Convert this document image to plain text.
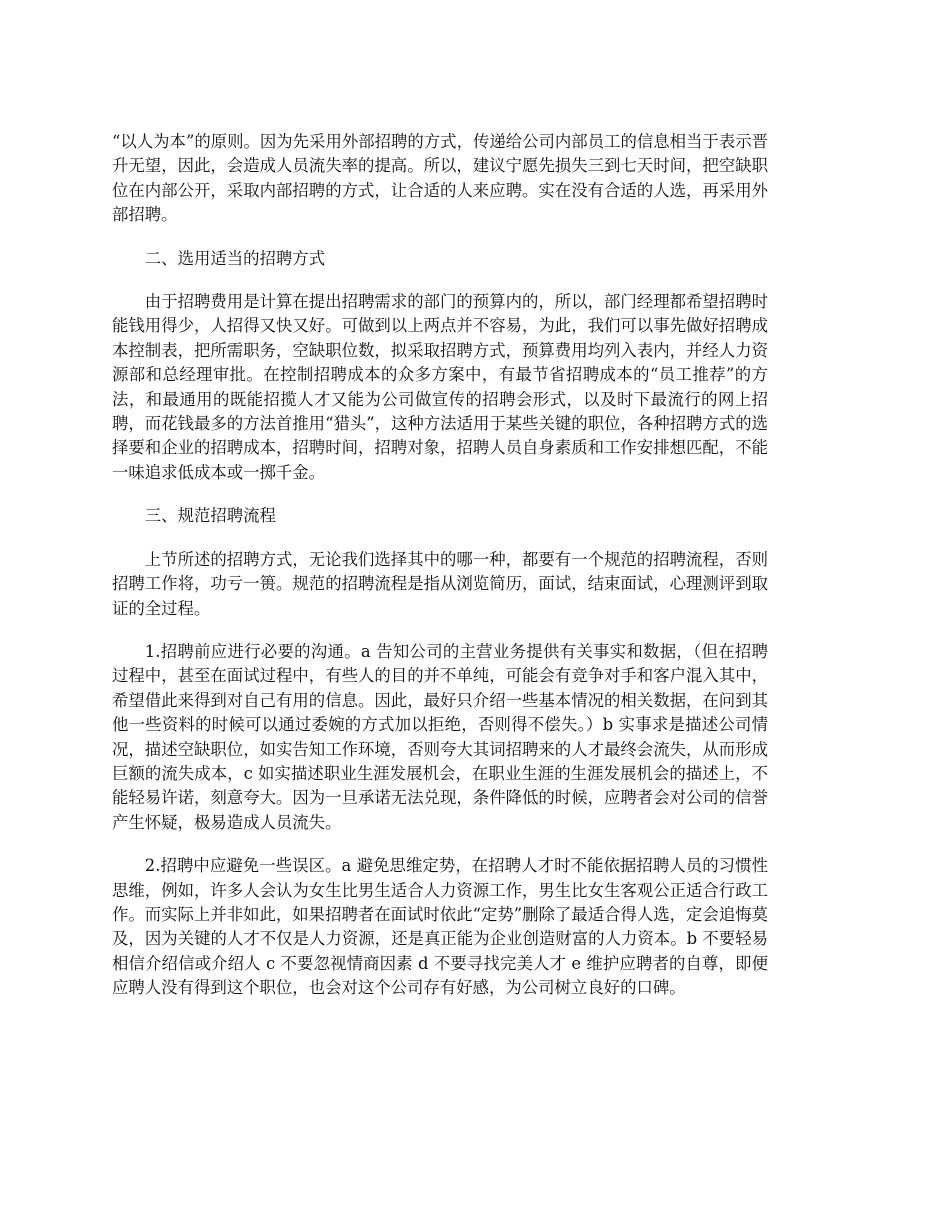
“以人为本”的原则。因为先采用外部招聘的方式，传递给公司内部员工的信息相当于表示晋升无望，因此，会造成人员流失率的提高。所以，建议宁愿先损失三到七天时间，把空缺职位在内部公开，采取内部招聘的方式，让合适的人来应聘。实在没有合适的人选，再采用外部招聘。

二、选用适当的招聘方式

由于招聘费用是计算在提出招聘需求的部门的预算内的，所以，部门经理都希望招聘时能钱用得少，人招得又快又好。可做到以上两点并不容易，为此，我们可以事先做好招聘成本控制表，把所需职务，空缺职位数，拟采取招聘方式，预算费用均列入表内，并经人力资源部和总经理审批。在控制招聘成本的众多方案中，有最节省招聘成本的“员工推荐”的方法，和最通用的既能招揽人才又能为公司做宣传的招聘会形式，以及时下最流行的网上招聘，而花钱最多的方法首推用“猎头”，这种方法适用于某些关键的职位，各种招聘方式的选择要和企业的招聘成本，招聘时间，招聘对象，招聘人员自身素质和工作安排想匹配，不能一味追求低成本或一掷千金。

三、规范招聘流程

上节所述的招聘方式，无论我们选择其中的哪一种，都要有一个规范的招聘流程，否则招聘工作将，功亏一篑。规范的招聘流程是指从浏览简历，面试，结束面试，心理测评到取证的全过程。

1.招聘前应进行必要的沟通。a 告知公司的主营业务提供有关事实和数据，（但在招聘过程中，甚至在面试过程中，有些人的目的并不单纯，可能会有竞争对手和客户混入其中，希望借此来得到对自己有用的信息。因此，最好只介绍一些基本情况的相关数据，在问到其他一些资料的时候可以通过委婉的方式加以拒绝，否则得不偿失。）b 实事求是描述公司情况，描述空缺职位，如实告知工作环境，否则夸大其词招聘来的人才最终会流失，从而形成巨额的流失成本，c 如实描述职业生涯发展机会，在职业生涯的生涯发展机会的描述上，不能轻易许诺，刻意夸大。因为一旦承诺无法兑现，条件降低的时候，应聘者会对公司的信誉产生怀疑，极易造成人员流失。

2.招聘中应避免一些误区。a 避免思维定势，在招聘人才时不能依据招聘人员的习惯性思维，例如，许多人会认为女生比男生适合人力资源工作，男生比女生客观公正适合行政工作。而实际上并非如此，如果招聘者在面试时依此“定势”删除了最适合得人选，定会追悔莫及，因为关键的人才不仅是人力资源，还是真正能为企业创造财富的人力资本。b 不要轻易相信介绍信或介绍人 c 不要忽视情商因素 d 不要寻找完美人才 e 维护应聘者的自尊，即便应聘人没有得到这个职位，也会对这个公司存有好感，为公司树立良好的口碑。
